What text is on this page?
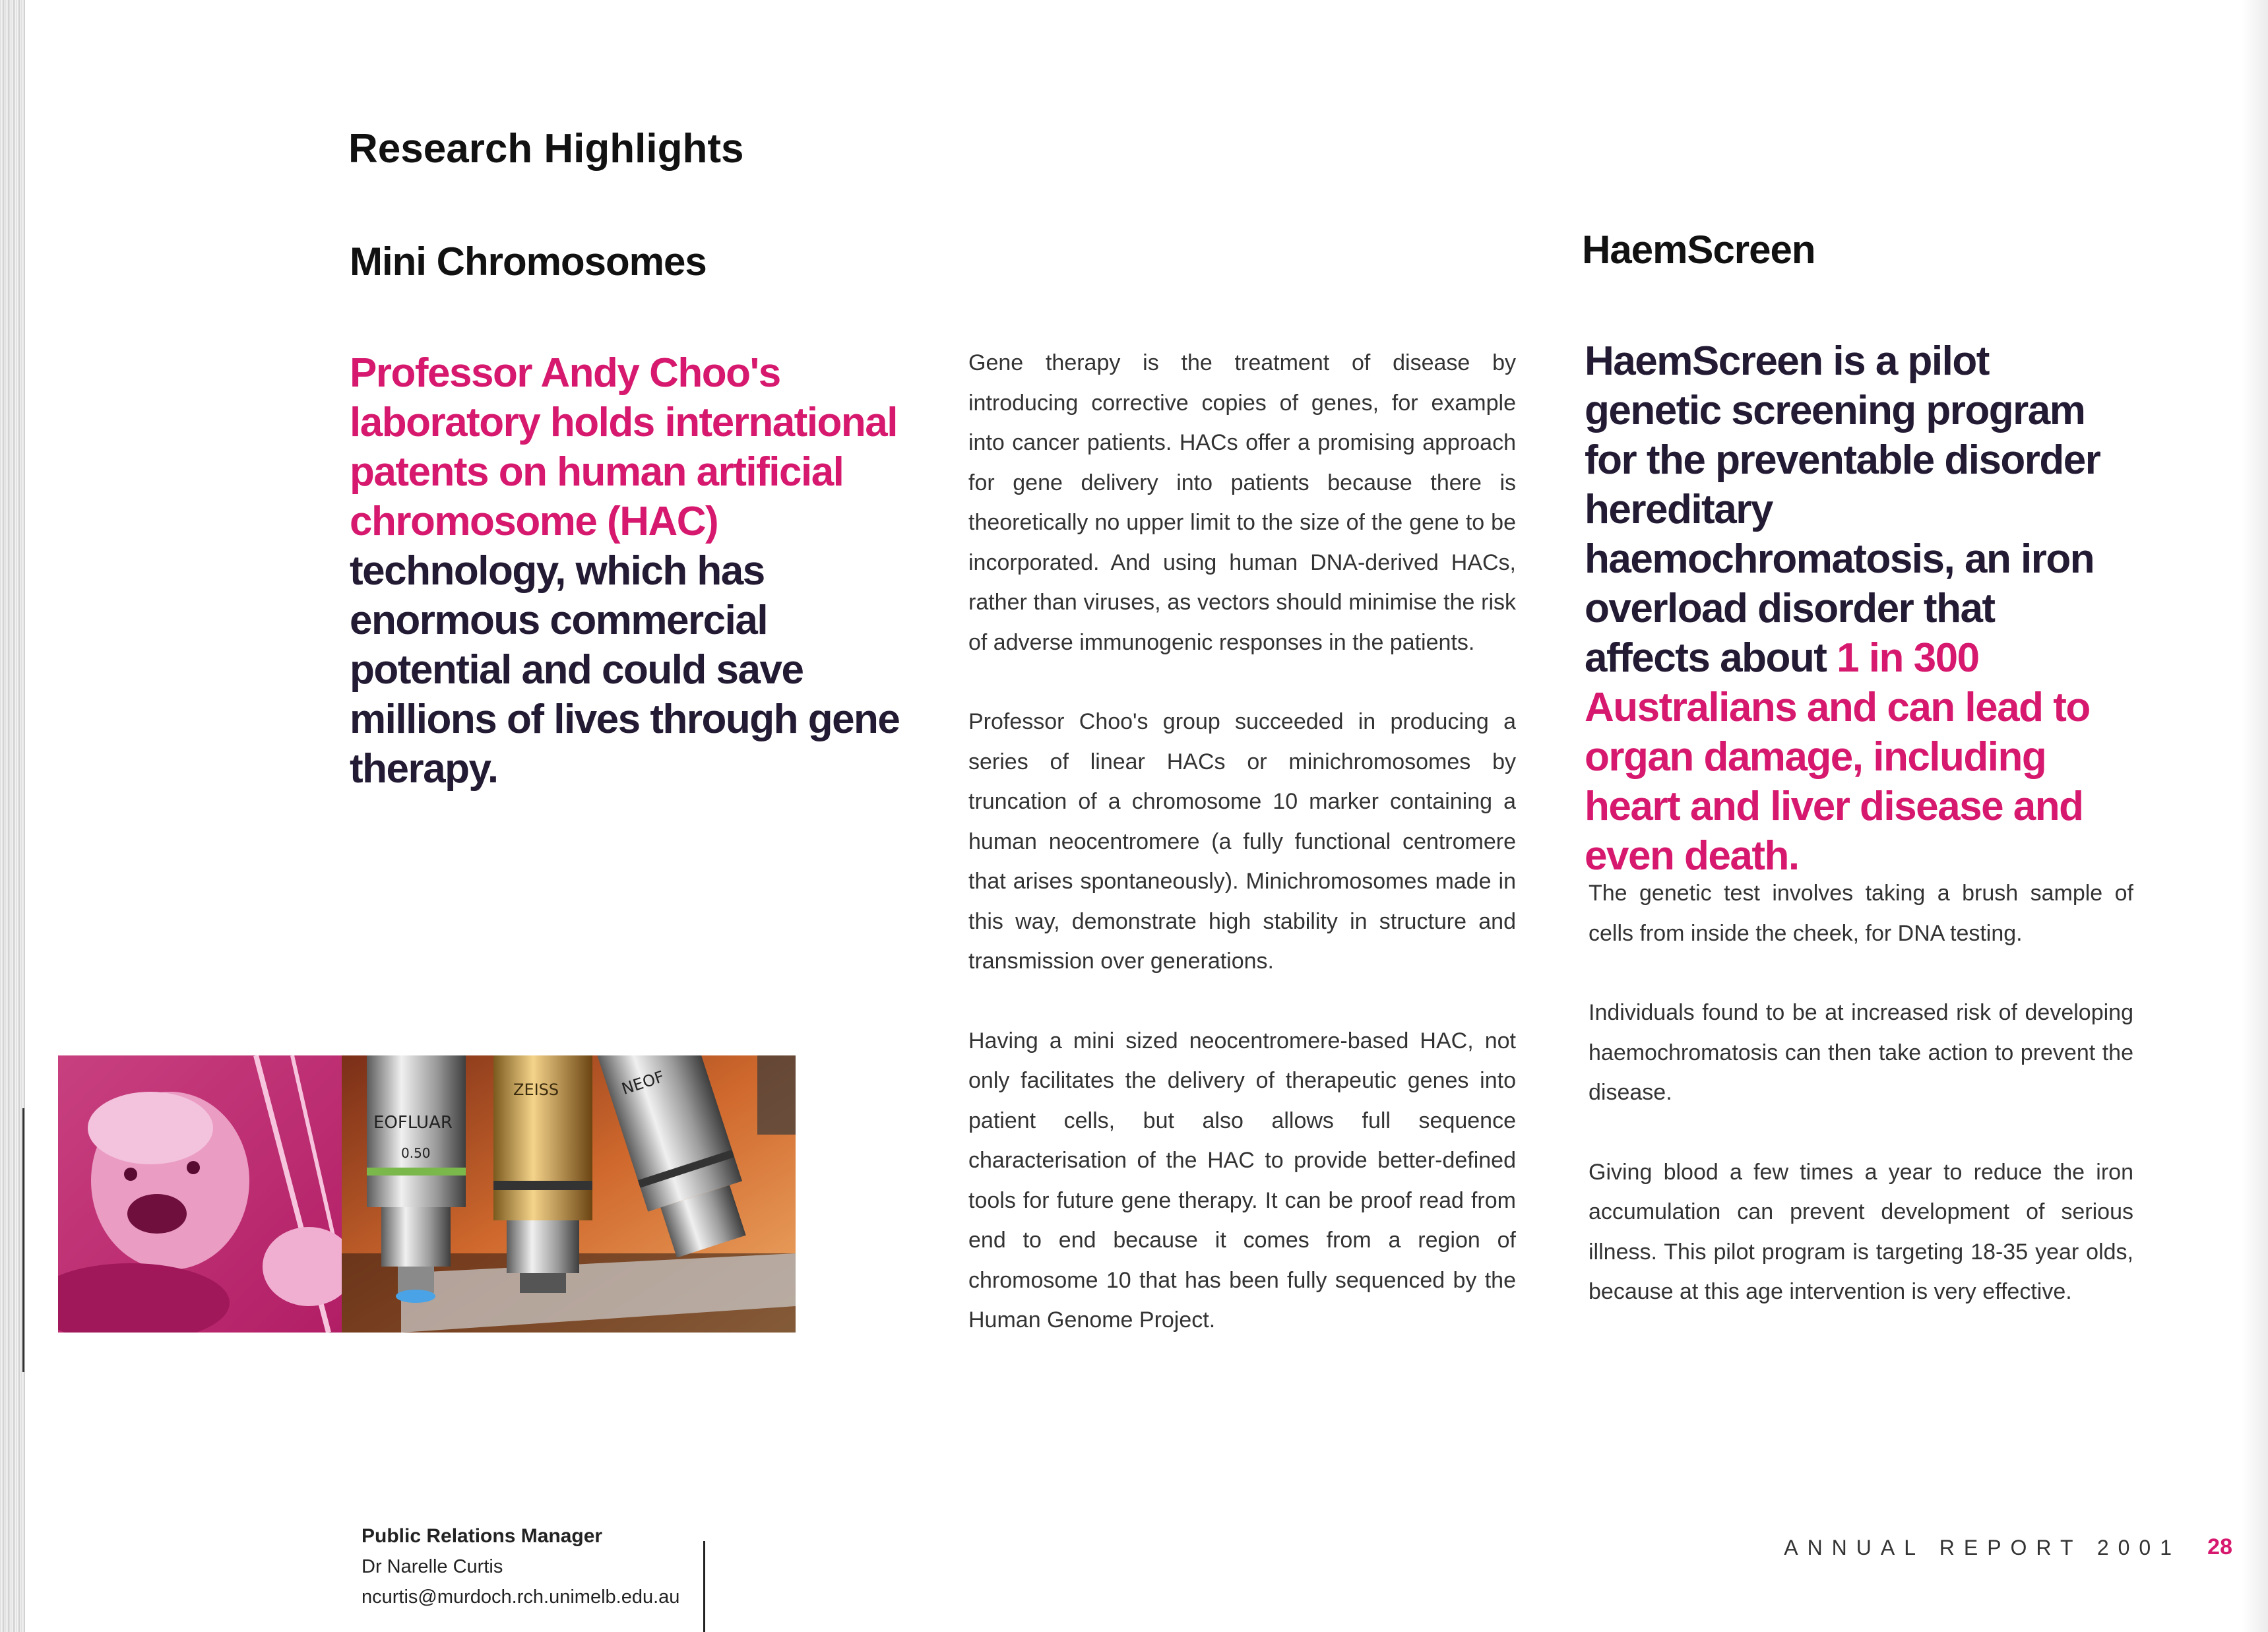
Research Highlights
Mini Chromosomes	HaemScreen
Professor Andy Choo's laboratory holds international patents on human artificial chromosome (HAC) technology, which has enormous commercial potential and could save millions of lives through gene therapy.

Gene therapy is the treatment of disease by introducing corrective copies of genes, for example into cancer patients. HACs offer a promising approach for gene delivery into patients because there is theoretically no upper limit to the size of the gene to be incorporated. And using human DNA-derived HACs, rather than viruses, as vectors should minimise the risk of adverse immunogenic responses in the patients.

Professor Choo's group succeeded in producing a series of linear HACs or minichromosomes by truncation of a chromosome 10 marker containing a human neocentromere (a fully functional centromere that arises spontaneously). Minichromosomes made in this way, demonstrate high stability in structure and transmission over generations.

Having a mini sized neocentromere-based HAC, not only facilitates the delivery of therapeutic genes into patient cells, but also allows full sequence characterisation of the HAC to provide better-defined tools for future gene therapy. It can be proof read from end to end because it comes from a region of chromosome 10 that has been fully sequenced by the Human Genome Project.

HaemScreen is a pilot genetic screening program for the preventable disorder hereditary haemochromatosis, an iron overload disorder that affects about 1 in 300 Australians and can lead to organ damage, including heart and liver disease and even death.

The genetic test involves taking a brush sample of cells from inside the cheek, for DNA testing.

Individuals found to be at increased risk of developing haemochromatosis can then take action to prevent the disease.

Giving blood a few times a year to reduce the iron accumulation can prevent development of serious illness. This pilot program is targeting 18-35 year olds, because at this age intervention is very effective.

EOFLUAR
0.50
ZEISS	NEOF
Public Relations Manager
Dr Narelle Curtis
ncurtis@murdoch.rch.unimelb.edu.au
ANNUAL REPORT 2001 28
